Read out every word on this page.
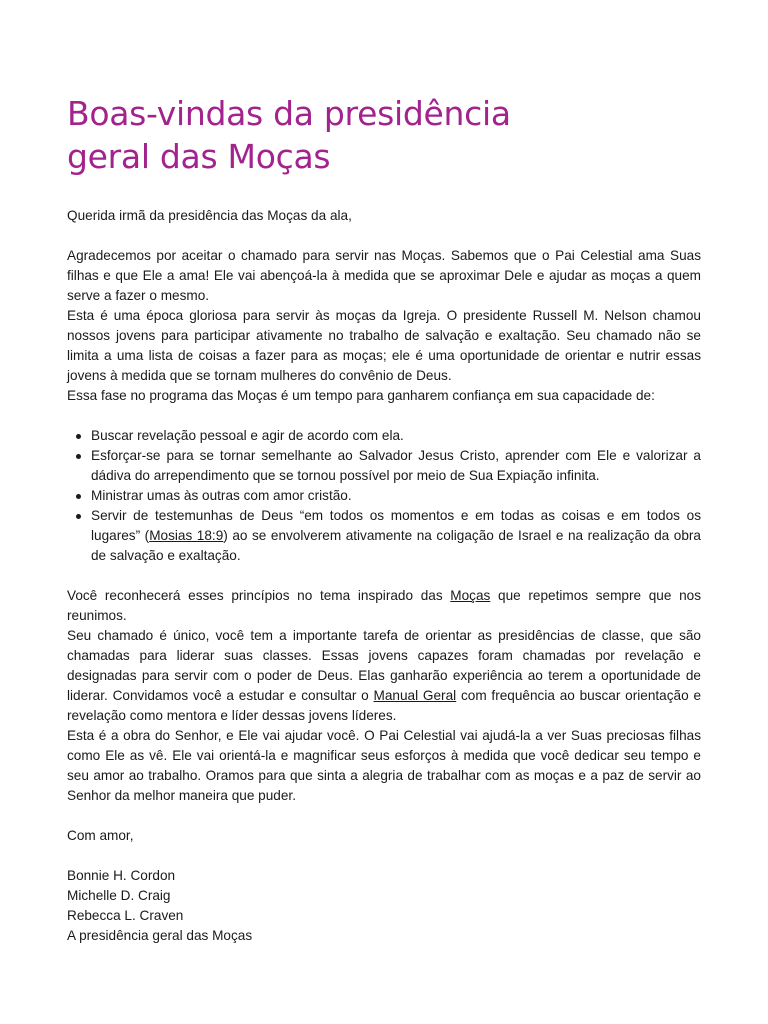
Boas-vindas da presidência
geral das Moças
Querida irmã da presidência das Moças da ala,

Agradecemos por aceitar o chamado para servir nas Moças. Sabemos que o Pai Celestial ama Suas filhas e que Ele a ama! Ele vai abençoá-la à medida que se aproximar Dele e ajudar as moças a quem serve a fazer o mesmo.

Esta é uma época gloriosa para servir às moças da Igreja. O presidente Russell M. Nelson chamou nossos jovens para participar ativamente no trabalho de salvação e exaltação. Seu chamado não se limita a uma lista de coisas a fazer para as moças; ele é uma oportunidade de orientar e nutrir essas jovens à medida que se tornam mulheres do convênio de Deus.

Essa fase no programa das Moças é um tempo para ganharem confiança em sua capacidade de:

Buscar revelação pessoal e agir de acordo com ela.
Esforçar-se para se tornar semelhante ao Salvador Jesus Cristo, aprender com Ele e valorizar a dádiva do arrependimento que se tornou possível por meio de Sua Expiação infinita.
Ministrar umas às outras com amor cristão.
Servir de testemunhas de Deus “em todos os momentos e em todas as coisas e em todos os lugares” (Mosias 18:9) ao se envolverem ativamente na coligação de Israel e na realização da obra de salvação e exaltação.

Você reconhecerá esses princípios no tema inspirado das Moças que repetimos sempre que nos reunimos.

Seu chamado é único, você tem a importante tarefa de orientar as presidências de classe, que são chamadas para liderar suas classes. Essas jovens capazes foram chamadas por revelação e designadas para servir com o poder de Deus. Elas ganharão experiência ao terem a oportunidade de liderar. Convidamos você a estudar e consultar o Manual Geral com frequência ao buscar orientação e revelação como mentora e líder dessas jovens líderes.

Esta é a obra do Senhor, e Ele vai ajudar você. O Pai Celestial vai ajudá-la a ver Suas preciosas filhas como Ele as vê. Ele vai orientá-la e magnificar seus esforços à medida que você dedicar seu tempo e seu amor ao trabalho. Oramos para que sinta a alegria de trabalhar com as moças e a paz de servir ao Senhor da melhor maneira que puder.

Com amor,

Bonnie H. Cordon

Michelle D. Craig

Rebecca L. Craven

A presidência geral das Moças
